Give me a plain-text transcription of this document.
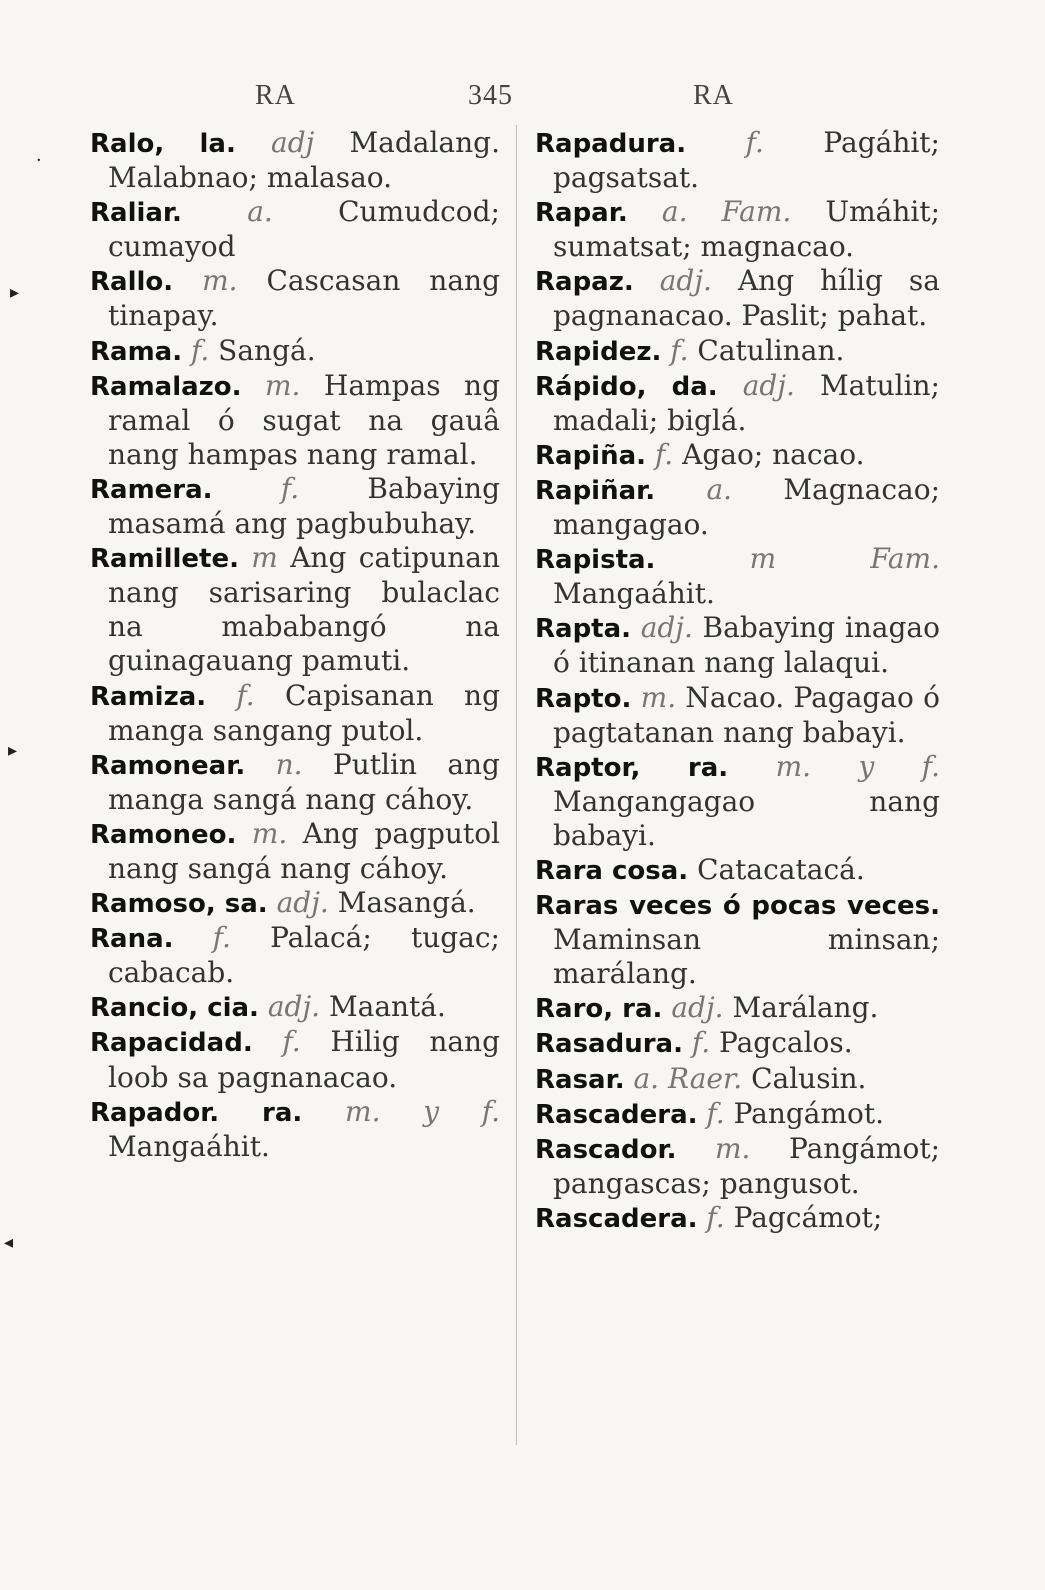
RA	345	RA
·
▸
▸
◂

Ralo, la. adj Madalang. Malabnao; malasao.

Raliar. a. Cumudcod; cumayod

Rallo. m. Cascasan nang tinapay.

Rama. f. Sangá.

Ramalazo. m. Hampas ng ramal ó sugat na gauâ nang hampas nang ramal.

Ramera. f. Babaying masamá ang pagbubuhay.

Ramillete. m Ang catipunan nang sarisaring bulaclac na mababangó na guinagauang pamuti.

Ramiza. f. Capisanan ng manga sangang putol.

Ramonear. n. Putlin ang manga sangá nang cáhoy.

Ramoneo. m. Ang pagputol nang sangá nang cáhoy.

Ramoso, sa. adj. Masangá.

Rana. f. Palacá; tugac; cabacab.

Rancio, cia. adj. Maantá.

Rapacidad. f. Hilig nang loob sa pagnanacao.

Rapador. ra. m. y f. Mangaáhit.

Rapadura. f. Pagáhit; pagsatsat.

Rapar. a. Fam. Umáhit; sumatsat; magnacao.

Rapaz. adj. Ang hílig sa pagnanacao. Paslit; pahat.

Rapidez. f. Catulinan.

Rápido, da. adj. Matulin; madali; biglá.

Rapiña. f. Agao; nacao.

Rapiñar. a. Magnacao; mangagao.

Rapista.	m Fam. Mangaáhit.

Rapta. adj. Babaying inagao ó itinanan nang lalaqui.

Rapto. m. Nacao. Pagagao ó pagtatanan nang babayi.

Raptor, ra. m. y f. Mangangagao nang babayi.

Rara cosa. Catacatacá.

Raras veces ó pocas veces. Maminsan minsan; marálang.

Raro, ra. adj. Marálang.

Rasadura. f. Pagcalos.

Rasar. a. Raer. Calusin.

Rascadera. f. Pangámot.

Rascador. m. Pangámot; pangascas; pangusot.

Rascadera. f. Pagcámot;
